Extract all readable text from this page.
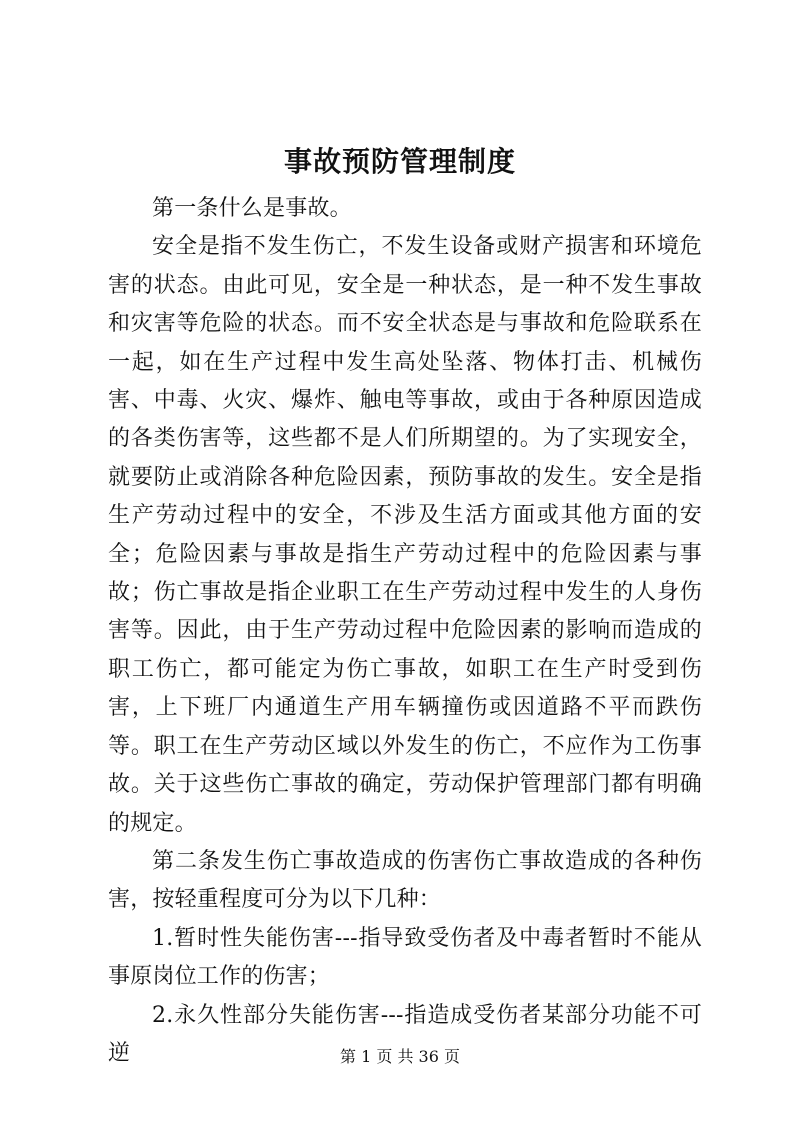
事故预防管理制度

第一条什么是事故。

安全是指不发生伤亡，不发生设备或财产损害和环境危害的状态。由此可见，安全是一种状态，是一种不发生事故和灾害等危险的状态。而不安全状态是与事故和危险联系在一起，如在生产过程中发生高处坠落、物体打击、机械伤害、中毒、火灾、爆炸、触电等事故，或由于各种原因造成的各类伤害等，这些都不是人们所期望的。为了实现安全，就要防止或消除各种危险因素，预防事故的发生。安全是指生产劳动过程中的安全，不涉及生活方面或其他方面的安全；危险因素与事故是指生产劳动过程中的危险因素与事故；伤亡事故是指企业职工在生产劳动过程中发生的人身伤害等。因此，由于生产劳动过程中危险因素的影响而造成的职工伤亡，都可能定为伤亡事故，如职工在生产时受到伤害，上下班厂内通道生产用车辆撞伤或因道路不平而跌伤等。职工在生产劳动区域以外发生的伤亡，不应作为工伤事故。关于这些伤亡事故的确定，劳动保护管理部门都有明确的规定。

第二条发生伤亡事故造成的伤害伤亡事故造成的各种伤害，按轻重程度可分为以下几种：

1.暂时性失能伤害---指导致受伤者及中毒者暂时不能从事原岗位工作的伤害；

2.永久性部分失能伤害---指造成受伤者某部分功能不可逆	第 1 页 共 36 页
